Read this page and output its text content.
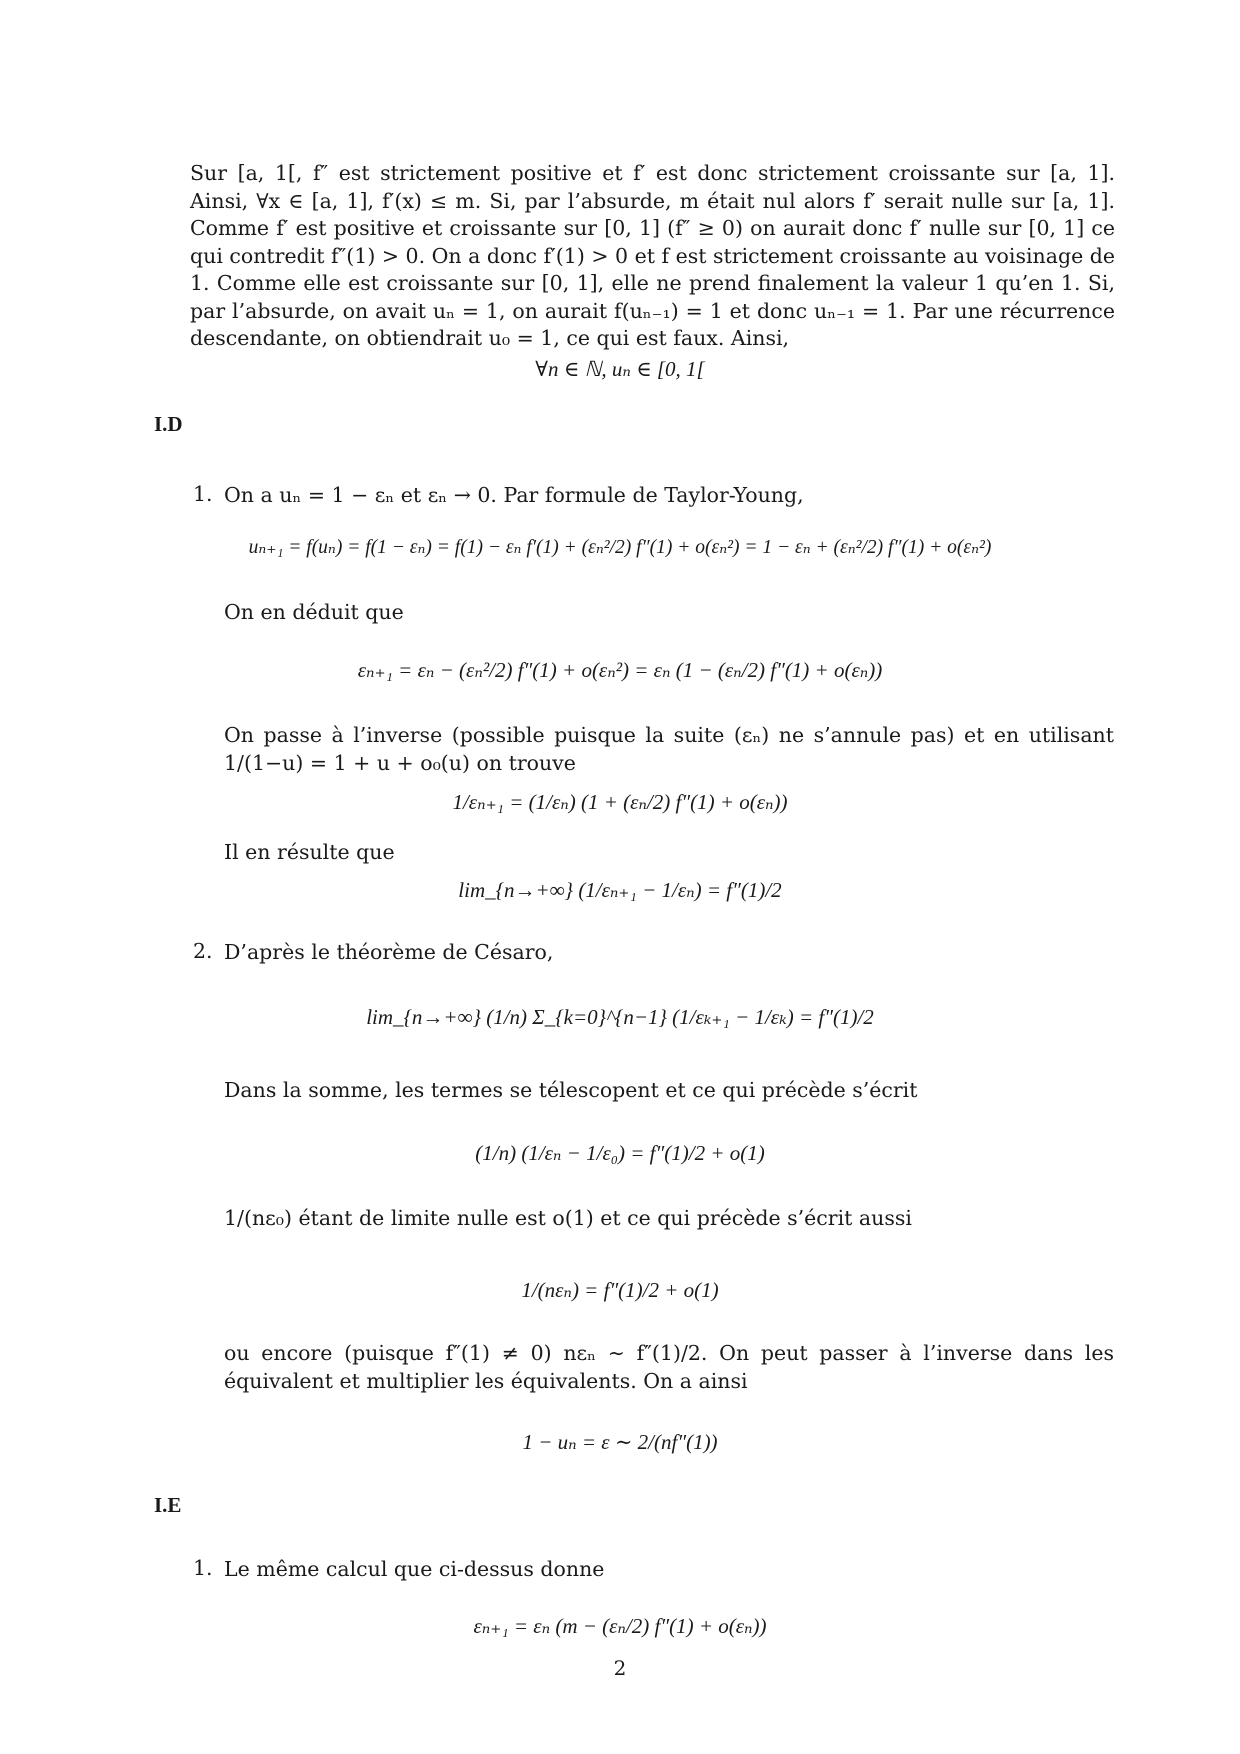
Sur [a, 1[, f″ est strictement positive et f′ est donc strictement croissante sur [a, 1]. Ainsi, ∀x ∈ [a, 1], f′(x) ≤ m. Si, par l’absurde, m était nul alors f′ serait nulle sur [a, 1]. Comme f′ est positive et croissante sur [0, 1] (f″ ≥ 0) on aurait donc f′ nulle sur [0, 1] ce qui contredit f″(1) > 0. On a donc f′(1) > 0 et f est strictement croissante au voisinage de 1. Comme elle est croissante sur [0, 1], elle ne prend finalement la valeur 1 qu’en 1. Si, par l’absurde, on avait uₙ = 1, on aurait f(uₙ₋₁) = 1 et donc uₙ₋₁ = 1. Par une récurrence descendante, on obtiendrait u₀ = 1, ce qui est faux. Ainsi,

∀n ∈ ℕ, uₙ ∈ [0, 1[
I.D
1. On a uₙ = 1 − εₙ et εₙ → 0. Par formule de Taylor-Young,
uₙ₊₁ = f(uₙ) = f(1 − εₙ) = f(1) − εₙ f′(1) + (εₙ²/2) f″(1) + o(εₙ²) = 1 − εₙ + (εₙ²/2) f″(1) + o(εₙ²)
On en déduit que
εₙ₊₁ = εₙ − (εₙ²/2) f″(1) + o(εₙ²) = εₙ (1 − (εₙ/2) f″(1) + o(εₙ))
On passe à l’inverse (possible puisque la suite (εₙ) ne s’annule pas) et en utilisant 1/(1−u) = 1 + u + o₀(u) on trouve
1/εₙ₊₁ = (1/εₙ) (1 + (εₙ/2) f″(1) + o(εₙ))
Il en résulte que
lim_{n→+∞} (1/εₙ₊₁ − 1/εₙ) = f″(1)/2
2. D’après le théorème de Césaro,
lim_{n→+∞} (1/n) Σ_{k=0}^{n−1} (1/εₖ₊₁ − 1/εₖ) = f″(1)/2
Dans la somme, les termes se télescopent et ce qui précède s’écrit
(1/n) (1/εₙ − 1/ε₀) = f″(1)/2 + o(1)
1/(nε₀) étant de limite nulle est o(1) et ce qui précède s’écrit aussi
1/(nεₙ) = f″(1)/2 + o(1)
ou encore (puisque f″(1) ≠ 0) nεₙ ∼ f″(1)/2. On peut passer à l’inverse dans les équivalent et multiplier les équivalents. On a ainsi
1 − uₙ = ε ∼ 2/(nf″(1))
I.E
1. Le même calcul que ci-dessus donne
εₙ₊₁ = εₙ (m − (εₙ/2) f″(1) + o(εₙ))
2
